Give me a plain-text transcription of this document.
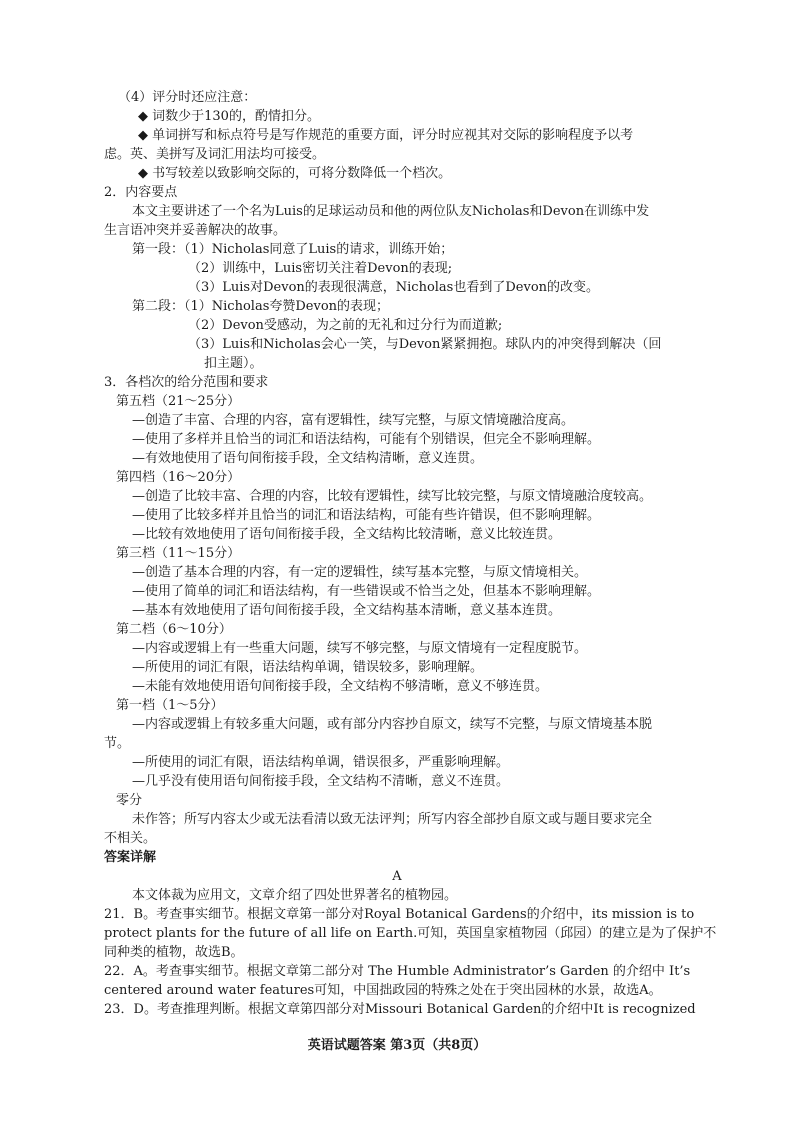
（4）评分时还应注意：
◆ 词数少于130的，酌情扣分。
◆ 单词拼写和标点符号是写作规范的重要方面，评分时应视其对交际的影响程度予以考
虑。英、美拼写及词汇用法均可接受。
◆ 书写较差以致影响交际的，可将分数降低一个档次。
2．内容要点
本文主要讲述了一个名为Luis的足球运动员和他的两位队友Nicholas和Devon在训练中发
生言语冲突并妥善解决的故事。
第一段：（1）Nicholas同意了Luis的请求，训练开始；
（2）训练中，Luis密切关注着Devon的表现;
（3）Luis对Devon的表现很满意，Nicholas也看到了Devon的改变。
第二段：（1）Nicholas夸赞Devon的表现；
（2）Devon受感动，为之前的无礼和过分行为而道歉;
（3）Luis和Nicholas会心一笑，与Devon紧紧拥抱。球队内的冲突得到解决（回
扣主题）。
3．各档次的给分范围和要求
第五档（21～25分）
—创造了丰富、合理的内容，富有逻辑性，续写完整，与原文情境融洽度高。
—使用了多样并且恰当的词汇和语法结构，可能有个别错误，但完全不影响理解。
—有效地使用了语句间衔接手段，全文结构清晰，意义连贯。
第四档（16～20分）
—创造了比较丰富、合理的内容，比较有逻辑性，续写比较完整，与原文情境融洽度较高。
—使用了比较多样并且恰当的词汇和语法结构，可能有些许错误，但不影响理解。
—比较有效地使用了语句间衔接手段，全文结构比较清晰，意义比较连贯。
第三档（11～15分）
—创造了基本合理的内容，有一定的逻辑性，续写基本完整，与原文情境相关。
—使用了简单的词汇和语法结构，有一些错误或不恰当之处，但基本不影响理解。
—基本有效地使用了语句间衔接手段，全文结构基本清晰，意义基本连贯。
第二档（6～10分）
—内容或逻辑上有一些重大问题，续写不够完整，与原文情境有一定程度脱节。
—所使用的词汇有限，语法结构单调，错误较多，影响理解。
—未能有效地使用语句间衔接手段，全文结构不够清晰，意义不够连贯。
第一档（1～5分）
—内容或逻辑上有较多重大问题，或有部分内容抄自原文，续写不完整，与原文情境基本脱
节。
—所使用的词汇有限，语法结构单调，错误很多，严重影响理解。
—几乎没有使用语句间衔接手段，全文结构不清晰，意义不连贯。
零分
未作答；所写内容太少或无法看清以致无法评判；所写内容全部抄自原文或与题目要求完全
不相关。
答案详解
A
本文体裁为应用文，文章介绍了四处世界著名的植物园。
21．B。考查事实细节。根据文章第一部分对Royal Botanical Gardens的介绍中，its mission is to
protect plants for the future of all life on Earth.可知，英国皇家植物园（邱园）的建立是为了保护不
同种类的植物，故选B。
22．A。考查事实细节。根据文章第二部分对 The Humble Administrator’s Garden 的介绍中 It’s
centered around water features可知，中国拙政园的特殊之处在于突出园林的水景，故选A。
23．D。考查推理判断。根据文章第四部分对Missouri Botanical Garden的介绍中It is recognized
英语试题答案 第3页（共8页）
